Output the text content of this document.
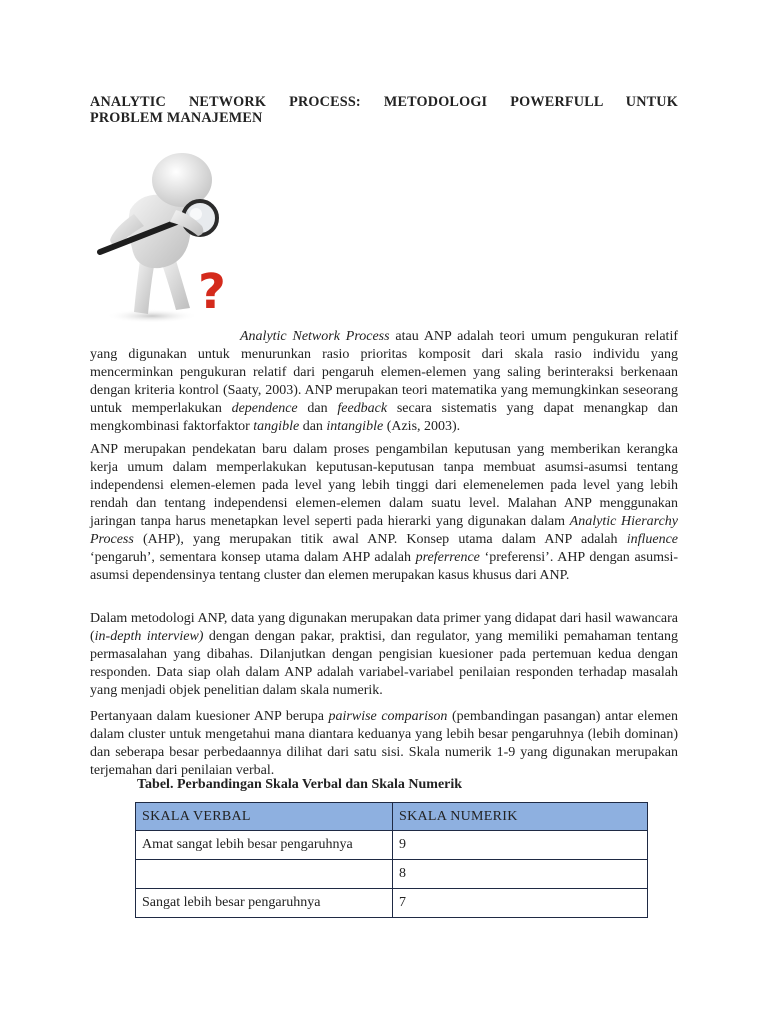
ANALYTIC NETWORK PROCESS: METODOLOGI POWERFULL UNTUK
PROBLEM MANAJEMEN
?

Analytic Network Process atau ANP adalah teori umum pengukuran relatif yang digunakan untuk menurunkan rasio prioritas komposit dari skala rasio individu yang mencerminkan pengukuran relatif dari pengaruh elemen-elemen yang saling berinteraksi berkenaan dengan kriteria kontrol (Saaty, 2003). ANP merupakan teori matematika yang memungkinkan seseorang untuk memperlakukan dependence dan feedback secara sistematis yang dapat menangkap dan mengkombinasi faktorfaktor tangible dan intangible (Azis, 2003).

ANP merupakan pendekatan baru dalam proses pengambilan keputusan yang memberikan kerangka kerja umum dalam memperlakukan keputusan-keputusan tanpa membuat asumsi-asumsi tentang independensi elemen-elemen pada level yang lebih tinggi dari elemenelemen pada level yang lebih rendah dan tentang independensi elemen-elemen dalam suatu level. Malahan ANP menggunakan jaringan tanpa harus menetapkan level seperti pada hierarki yang digunakan dalam Analytic Hierarchy Process (AHP), yang merupakan titik awal ANP. Konsep utama dalam ANP adalah influence ‘pengaruh’, sementara konsep utama dalam AHP adalah preferrence ‘preferensi’. AHP dengan asumsi-asumsi dependensinya tentang cluster dan elemen merupakan kasus khusus dari ANP.

Dalam metodologi ANP, data yang digunakan merupakan data primer yang didapat dari hasil wawancara (in-depth interview) dengan dengan pakar, praktisi, dan regulator, yang memiliki pemahaman tentang permasalahan yang dibahas. Dilanjutkan dengan pengisian kuesioner pada pertemuan kedua dengan responden. Data siap olah dalam ANP adalah variabel-variabel penilaian responden terhadap masalah yang menjadi objek penelitian dalam skala numerik.

Pertanyaan dalam kuesioner ANP berupa pairwise comparison (pembandingan pasangan) antar elemen dalam cluster untuk mengetahui mana diantara keduanya yang lebih besar pengaruhnya (lebih dominan) dan seberapa besar perbedaannya dilihat dari satu sisi. Skala numerik 1-9 yang digunakan merupakan terjemahan dari penilaian verbal.

Tabel. Perbandingan Skala Verbal dan Skala Numerik
SKALA VERBAL	SKALA NUMERIK
Amat sangat lebih besar pengaruhnya	9
	8
Sangat lebih besar pengaruhnya	7
